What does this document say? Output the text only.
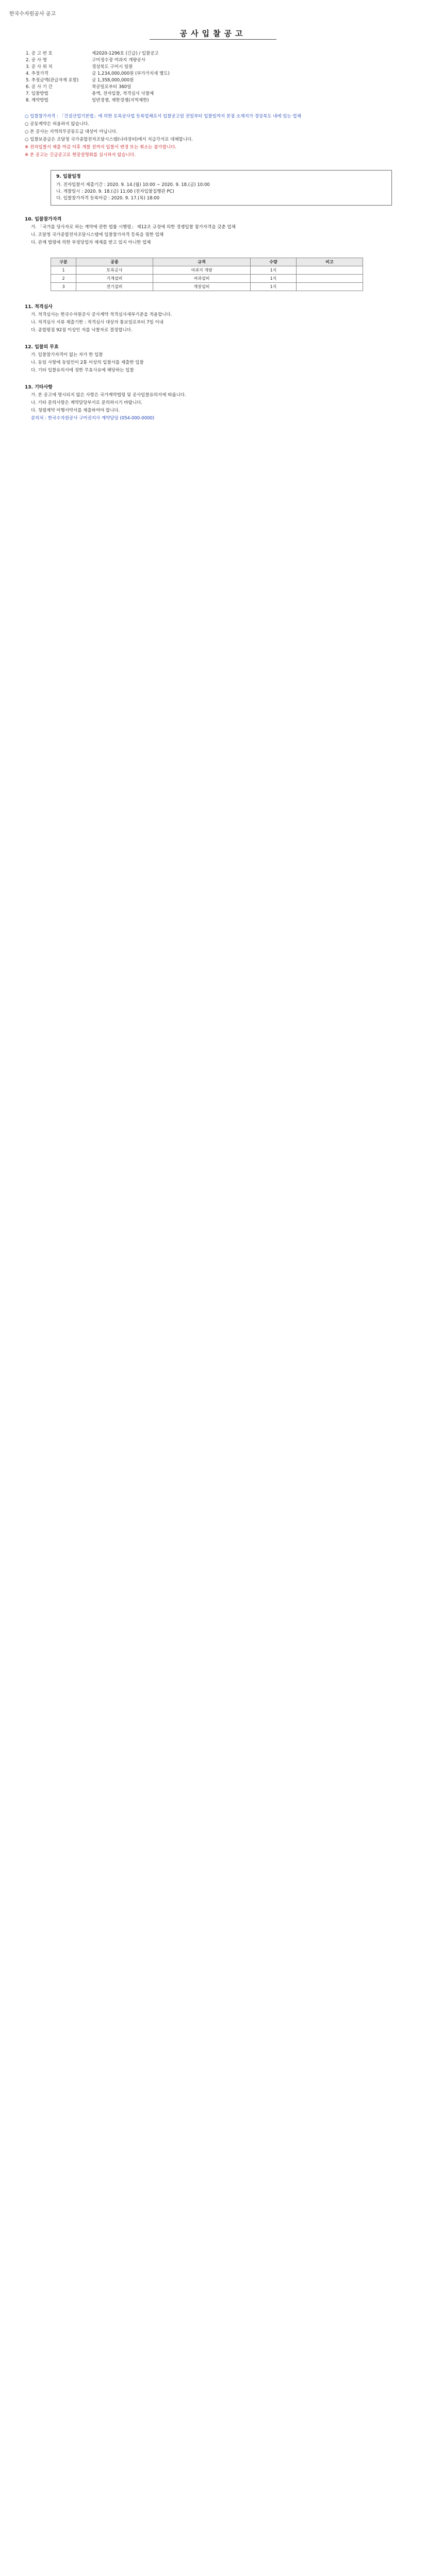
한국수자원공사 공고
공사입찰공고
1. 공 고 번 호	제2020-1296호 (긴급) / 입찰공고
2. 공 사 명	구미정수장 여과지 개량공사
3. 공 사 위 치	경상북도 구미시 일원
4. 추정가격	금 1,234,000,000원 (부가가치세 별도)
5. 추정금액(관급자재 포함)	금 1,358,000,000원
6. 공 사 기 간	착공일로부터 360일
7. 입찰방법	총액, 전자입찰, 적격심사 낙찰제
8. 계약방법	일반경쟁, 제한경쟁(지역제한)

○ 입찰참가자격 : 「건설산업기본법」에 의한 토목공사업 등록업체로서 입찰공고일 전일부터 입찰일까지 본점 소재지가 경상북도 내에 있는 업체

○ 공동계약은 허용하지 않습니다.

○ 본 공사는 지역의무공동도급 대상이 아닙니다.

○ 입찰보증금은 조달청 국가종합전자조달시스템(나라장터)에서 지급각서로 대체합니다.

※ 전자입찰서 제출 마감 이후 개찰 전까지 입찰서 변경 또는 취소는 불가합니다.

※ 본 공고는 긴급공고로 현장설명회를 실시하지 않습니다.

9. 입찰일정

가. 전자입찰서 제출기간 : 2020. 9. 14.(월) 10:00 ~ 2020. 9. 18.(금) 10:00

나. 개찰일시 : 2020. 9. 18.(금) 11:00 (전자입찰집행관 PC)

다. 입찰참가자격 등록마감 : 2020. 9. 17.(목) 18:00

10. 입찰참가자격

가. 「국가를 당사자로 하는 계약에 관한 법률 시행령」 제12조 규정에 의한 경쟁입찰 참가자격을 갖춘 업체

나. 조달청 국가종합전자조달시스템에 입찰참가자격 등록을 필한 업체

다. 관계 법령에 의한 부정당업자 제재를 받고 있지 아니한 업체

구분	공종	규격	수량	비고
1	토목공사	여과지 개량	1식	
2	기계설비	여과설비	1식	
3	전기설비	계장설비	1식	

11. 적격심사

가. 적격심사는 한국수자원공사 공사계약 적격심사세부기준을 적용합니다.

나. 적격심사 서류 제출기한 : 적격심사 대상자 통보일로부터 7일 이내

다. 종합평점 92점 이상인 자를 낙찰자로 결정합니다.

12. 입찰의 무효

가. 입찰참가자격이 없는 자가 한 입찰

나. 동일 사항에 동일인이 2통 이상의 입찰서를 제출한 입찰

다. 기타 입찰유의서에 정한 무효사유에 해당하는 입찰

13. 기타사항

가. 본 공고에 명시되지 않은 사항은 국가계약법령 및 공사입찰유의서에 따릅니다.

나. 기타 문의사항은 계약담당부서로 문의하시기 바랍니다.

다. 청렴계약 이행서약서를 제출하여야 합니다.

문의처 : 한국수자원공사 구미권지사 계약담당 (054-000-0000)
